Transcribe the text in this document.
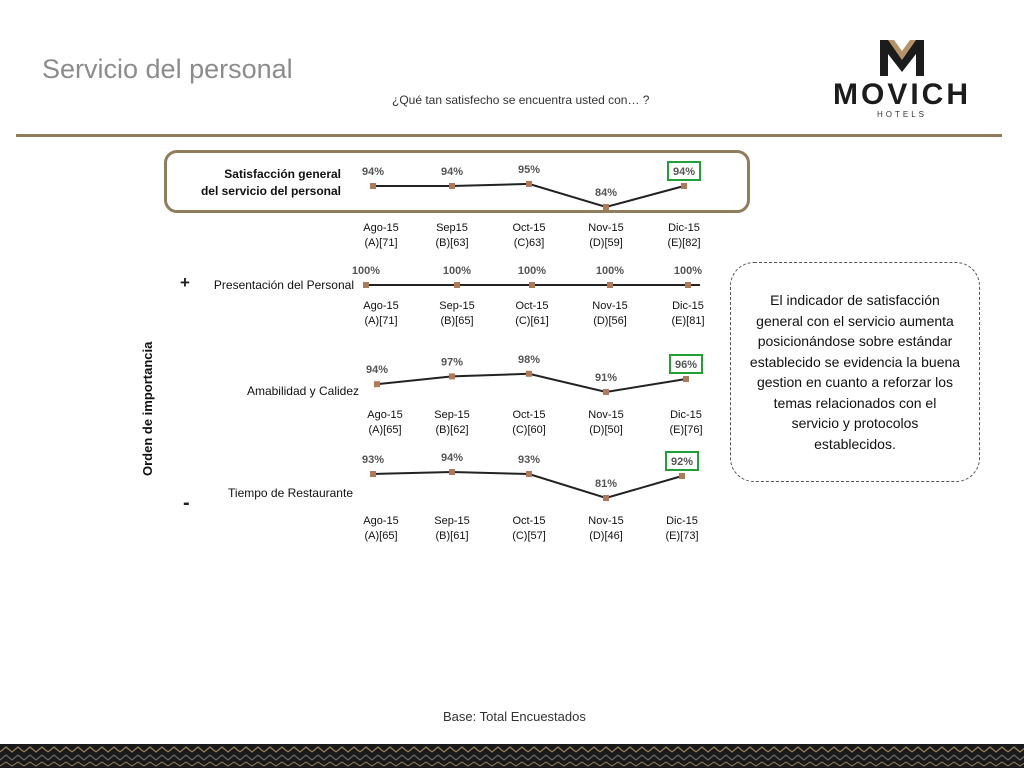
Servicio del personal
¿Qué tan satisfecho se encuentra usted con… ?	MOVICH
HOTELS
94%
Ago-15
(A)[71]
94%
Sep15
(B)[63]
95%
Oct-15
(C)63]
84%
Nov-15
(D)[59]
94%
Dic-15
(E)[82]
Satisfacción general
del servicio del personal
100%
Ago-15
(A)[71]
100%
Sep-15
(B)[65]
100%
Oct-15
(C)[61]
100%
Nov-15
(D)[56]
100%
Dic-15
(E)[81]
Presentación del Personal
94%
Ago-15
(A)[65]
97%
Sep-15
(B)[62]
98%
Oct-15
(C)[60]
91%
Nov-15
(D)[50]
96%
Dic-15
(E)[76]
Amabilidad y Calidez
93%
Ago-15
(A)[65]
94%
Sep-15
(B)[61]
93%
Oct-15
(C)[57]
81%
Nov-15
(D)[46]
92%
Dic-15
(E)[73]
Tiempo de Restaurante
+
-
Orden de importancia
El indicador de satisfacción general con el servicio aumenta posicionándose sobre estándar establecido se evidencia la buena gestion en cuanto a reforzar los temas relacionados con el servicio y protocolos establecidos.
Base: Total Encuestados
